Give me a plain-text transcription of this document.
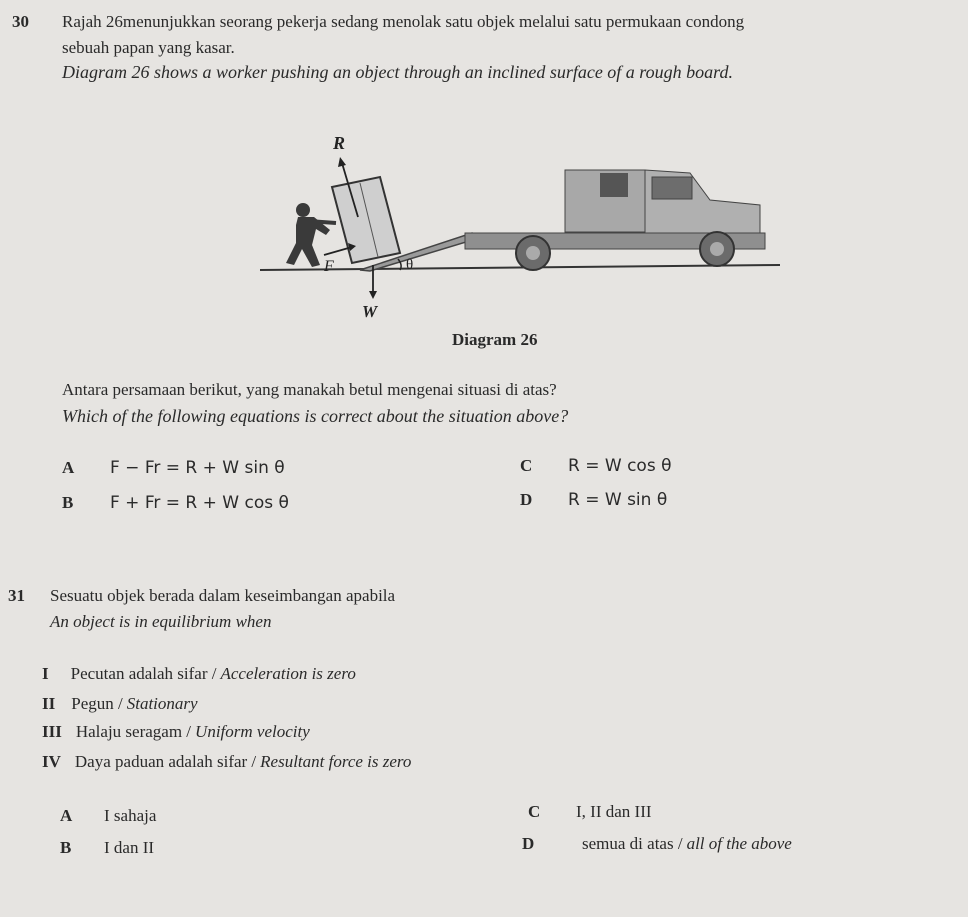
30 Rajah 26menunjukkan seorang pekerja sedang menolak satu objek melalui satu permukaan condong
sebuah papan yang kasar.
Diagram 26 shows a worker pushing an object through an inclined surface of a rough board.
R
F	θ
W
Diagram 26
Antara persamaan berikut, yang manakah betul mengenai situasi di atas?
Which of the following equations is correct about the situation above?
A F − Fr = R + W sin θ
B F + Fr = R + W cos θ
C R = W cos θ
D R = W sin θ
31 Sesuatu objek berada dalam keseimbangan apabila
An object is in equilibrium when
I Pecutan adalah sifar / Acceleration is zero
II Pegun / Stationary
III Halaju seragam / Uniform velocity
IV Daya paduan adalah sifar / Resultant force is zero
A I sahaja
B I dan II
C I, II dan III
D	semua di atas / all of the above
